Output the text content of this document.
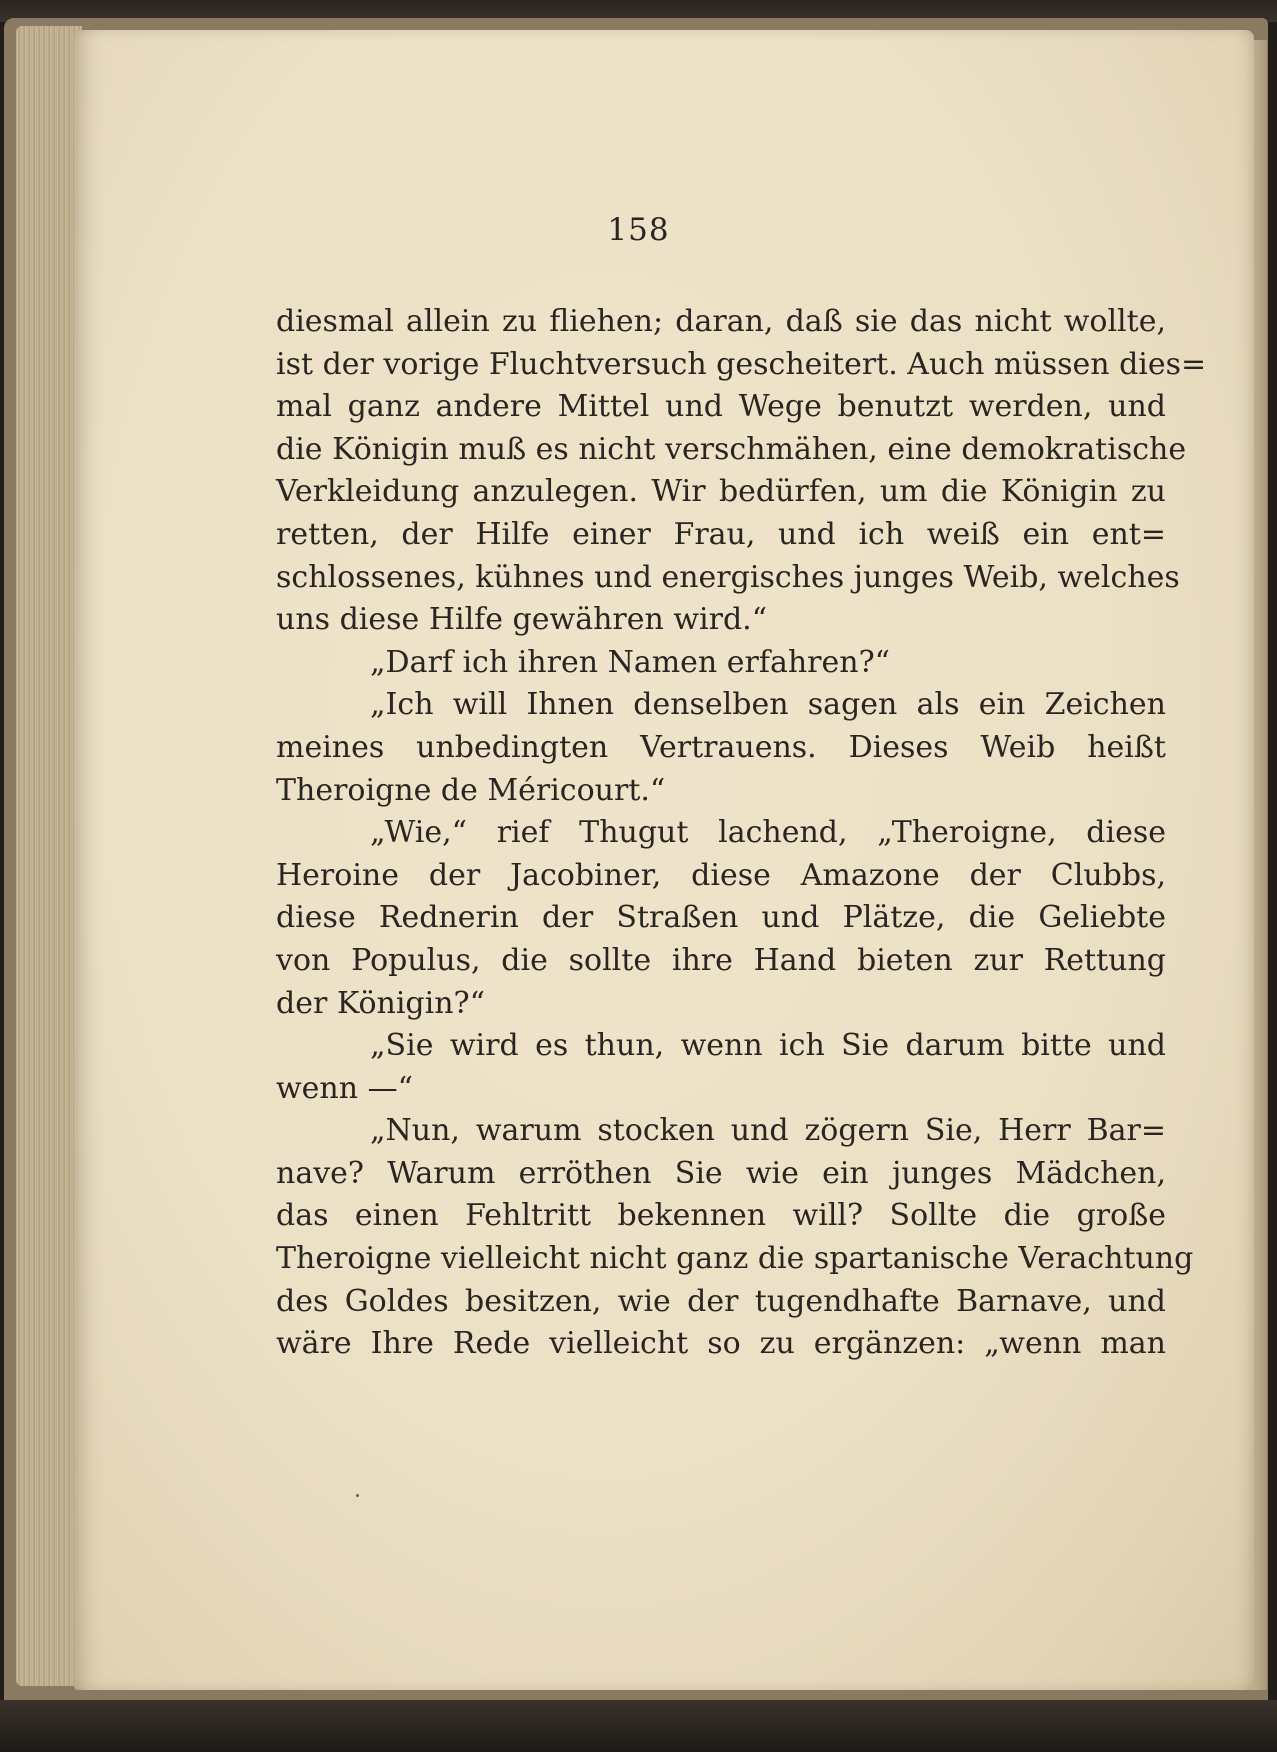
158
diesmal allein zu fliehen; daran, daß sie das nicht wollte,
ist der vorige Fluchtversuch gescheitert. Auch müssen dies=
mal ganz andere Mittel und Wege benutzt werden, und
die Königin muß es nicht verschmähen, eine demokratische
Verkleidung anzulegen. Wir bedürfen, um die Königin zu
retten, der Hilfe einer Frau, und ich weiß ein ent=
schlossenes, kühnes und energisches junges Weib, welches
uns diese Hilfe gewähren wird.“
„Darf ich ihren Namen erfahren?“
„Ich will Ihnen denselben sagen als ein Zeichen
meines unbedingten Vertrauens. Dieses Weib heißt
Theroigne de Méricourt.“
„Wie,“ rief Thugut lachend, „Theroigne, diese
Heroine der Jacobiner, diese Amazone der Clubbs,
diese Rednerin der Straßen und Plätze, die Geliebte
von Populus, die sollte ihre Hand bieten zur Rettung
der Königin?“
„Sie wird es thun, wenn ich Sie darum bitte und
wenn —“
„Nun, warum stocken und zögern Sie, Herr Bar=
nave? Warum erröthen Sie wie ein junges Mädchen,
das einen Fehltritt bekennen will? Sollte die große
Theroigne vielleicht nicht ganz die spartanische Verachtung
des Goldes besitzen, wie der tugendhafte Barnave, und
wäre Ihre Rede vielleicht so zu ergänzen: „wenn man
